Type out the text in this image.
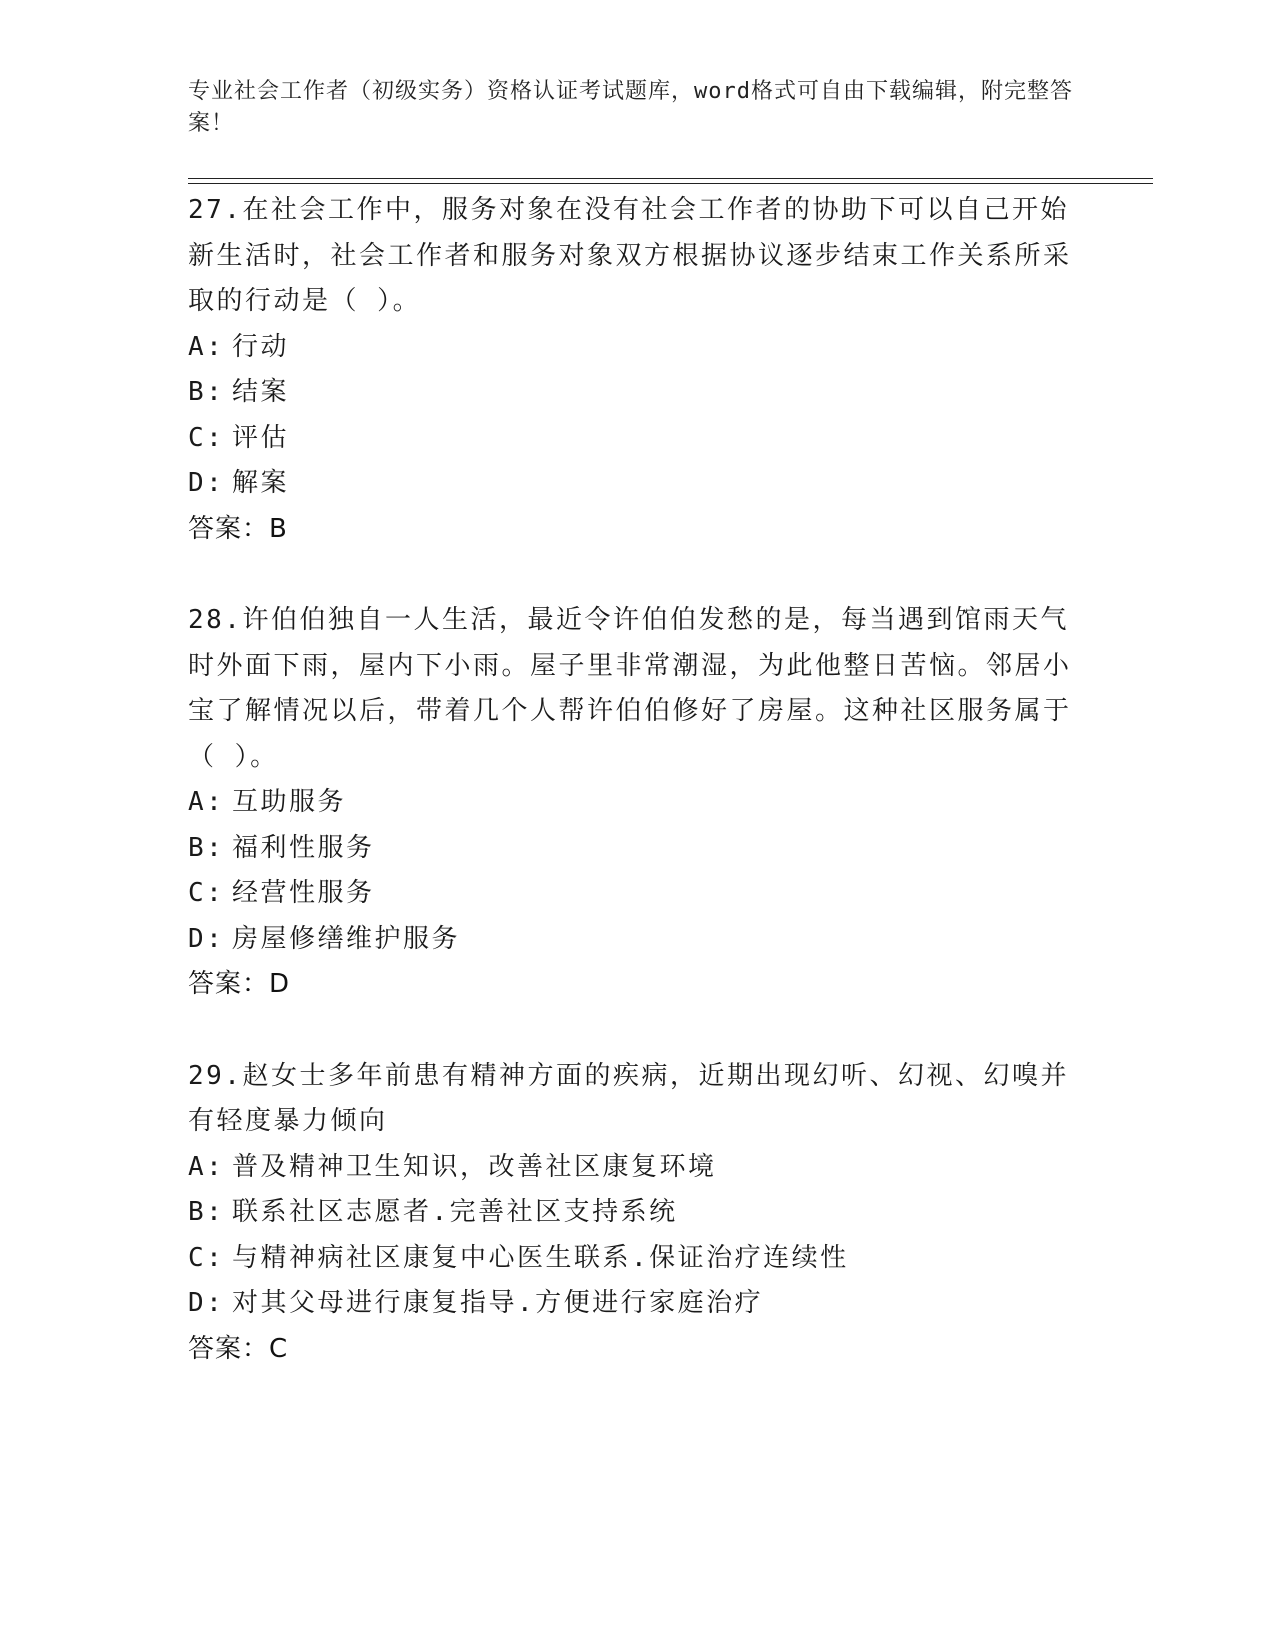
专业社会工作者（初级实务）资格认证考试题库，word格式可自由下载编辑，附完整答案！

27.在社会工作中，服务对象在没有社会工作者的协助下可以自己开始新生活时，社会工作者和服务对象双方根据协议逐步结束工作关系所采取的行动是（ ）。

A: 行动
B: 结案
C: 评估
D: 解案

答案：B

28.许伯伯独自一人生活，最近令许伯伯发愁的是，每当遇到馆雨天气时外面下雨，屋内下小雨。屋子里非常潮湿，为此他整日苦恼。邻居小宝了解情况以后，带着几个人帮许伯伯修好了房屋。这种社区服务属于（ ）。

A: 互助服务
B: 福利性服务
C: 经营性服务
D: 房屋修缮维护服务

答案：D

29.赵女士多年前患有精神方面的疾病，近期出现幻听、幻视、幻嗅并有轻度暴力倾向

A: 普及精神卫生知识，改善社区康复环境
B: 联系社区志愿者.完善社区支持系统
C: 与精神病社区康复中心医生联系.保证治疗连续性
D: 对其父母进行康复指导.方便进行家庭治疗

答案：C
